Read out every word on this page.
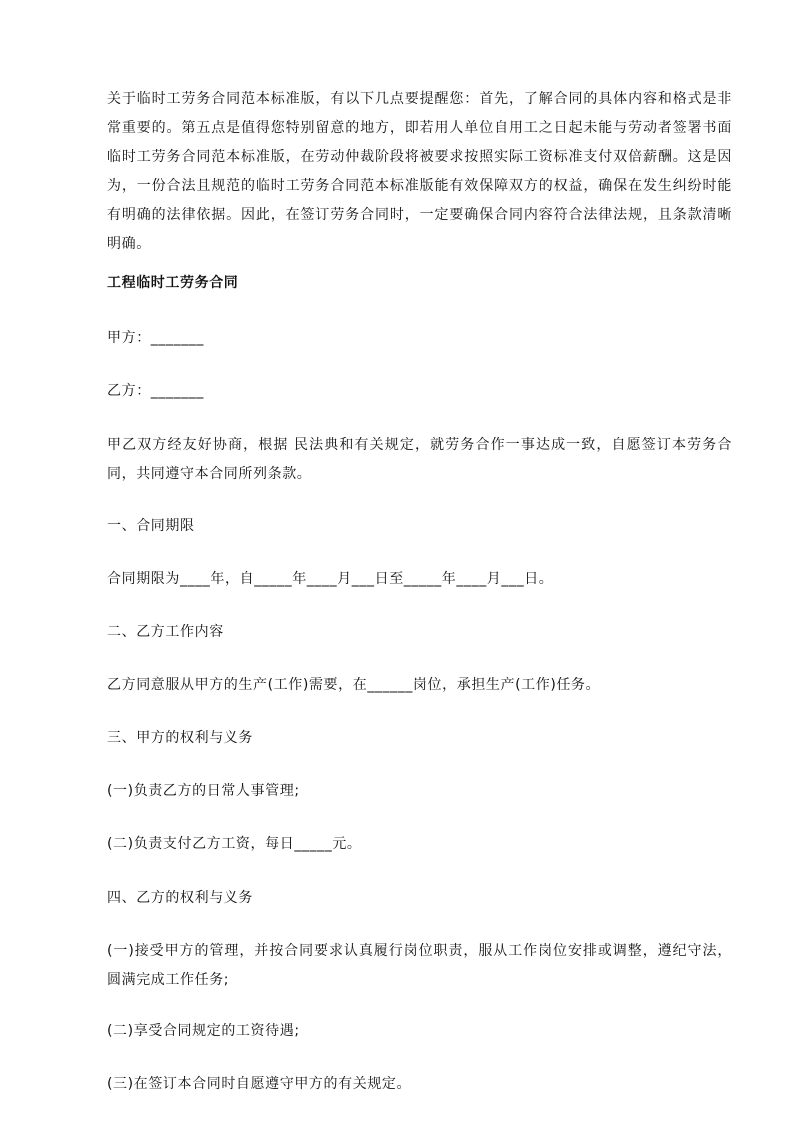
关于临时工劳务合同范本标准版，有以下几点要提醒您：首先，了解合同的具体内容和格式是非常重要的。第五点是值得您特别留意的地方，即若用人单位自用工之日起未能与劳动者签署书面临时工劳务合同范本标准版，在劳动仲裁阶段将被要求按照实际工资标准支付双倍薪酬。这是因为，一份合法且规范的临时工劳务合同范本标准版能有效保障双方的权益，确保在发生纠纷时能有明确的法律依据。因此，在签订劳务合同时，一定要确保合同内容符合法律法规，且条款清晰明确。

工程临时工劳务合同

甲方：_______

乙方：_______

甲乙双方经友好协商，根据 民法典和有关规定，就劳务合作一事达成一致，自愿签订本劳务合同，共同遵守本合同所列条款。

一、合同期限

合同期限为____年，自_____年____月___日至_____年____月___日。

二、乙方工作内容

乙方同意服从甲方的生产(工作)需要，在______岗位，承担生产(工作)任务。

三、甲方的权利与义务

(一)负责乙方的日常人事管理;

(二)负责支付乙方工资，每日_____元。

四、乙方的权利与义务

(一)接受甲方的管理，并按合同要求认真履行岗位职责，服从工作岗位安排或调整，遵纪守法，圆满完成工作任务;

(二)享受合同规定的工资待遇;

(三)在签订本合同时自愿遵守甲方的有关规定。
